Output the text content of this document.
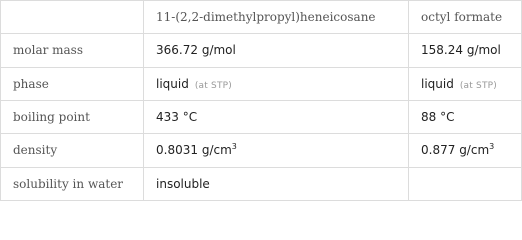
	11-(2,2-dimethylpropyl)heneicosane	octyl formate
molar mass	366.72 g/mol	158.24 g/mol
phase	liquid (at STP)	liquid (at STP)
boiling point	433 °C	88 °C
density	0.8031 $g/cm^3$	0.877 $g/cm^3$
solubility in water	insoluble	
